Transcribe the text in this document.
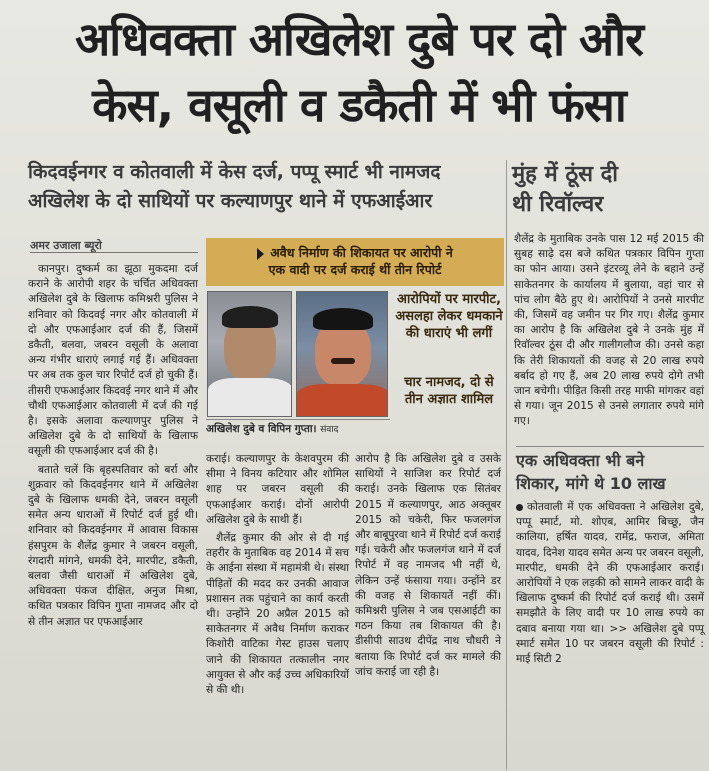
अधिवक्ता अखिलेश दुबे पर दो और
केस, वसूली व डकैती में भी फंसा
किदवईनगर व कोतवाली में केस दर्ज, पप्पू स्मार्ट भी नामजद
अखिलेश के दो साथियों पर कल्याणपुर थाने में एफआईआर
मुंह में ठूंस दी
थी रिवॉल्वर
अमर उजाला ब्यूरो

कानपुर। दुष्कर्म का झूठा मुकदमा दर्ज कराने के आरोपी शहर के चर्चित अधिवक्ता अखिलेश दुबे के खिलाफ कमिश्नरी पुलिस ने शनिवार को किदवई नगर और कोतवाली में दो और एफआईआर दर्ज की हैं, जिसमें डकैती, बलवा, जबरन वसूली के अलावा अन्य गंभीर धाराएं लगाई गई हैं। अधिवक्ता पर अब तक कुल चार रिपोर्ट दर्ज हो चुकी हैं। तीसरी एफआईआर किदवई नगर थाने में और चौथी एफआईआर कोतवाली में दर्ज की गई है। इसके अलावा कल्याणपुर पुलिस ने अखिलेश दुबे के दो साथियों के खिलाफ वसूली की एफआईआर दर्ज की है।

बताते चलें कि बृहस्पतिवार को बर्रा और शुक्रवार को किदवईनगर थाने में अखिलेश दुबे के खिलाफ धमकी देने, जबरन वसूली समेत अन्य धाराओं में रिपोर्ट दर्ज हुई थी। शनिवार को किदवईनगर में आवास विकास हंसपुरम के शैलेंद्र कुमार ने जबरन वसूली, रंगदारी मांगने, धमकी देने, मारपीट, डकैती, बलवा जैसी धाराओं में अखिलेश दुबे, अधिवक्ता पंकज दीक्षित, अनुज मिश्रा, कथित पत्रकार विपिन गुप्ता नामजद और दो से तीन अज्ञात पर एफआईआर

अवैध निर्माण की शिकायत पर आरोपी ने
एक वादी पर दर्ज कराई थीं तीन रिपोर्ट
अखिलेश दुबे व विपिन गुप्ता। संवाद
आरोपियों पर मारपीट, असलहा लेकर धमकाने की धाराएं भी लगीं
चार नामजद, दो से तीन अज्ञात शामिल

कराई। कल्याणपुर के केशवपुरम की सीमा ने विनय कटियार और शोमिल शाह पर जबरन वसूली की एफआईआर कराई। दोनों आरोपी अखिलेश दुबे के साथी हैं।

शैलेंद्र कुमार की ओर से दी गई तहरीर के मुताबिक वह 2014 में सच के आईना संस्था में महामंत्री थे। संस्था पीड़ितों की मदद कर उनकी आवाज प्रशासन तक पहुंचाने का कार्य करती थी। उन्होंने 20 अप्रैल 2015 को साकेतनगर में अवैध निर्माण कराकर किशोरी वाटिका गेस्ट हाउस चलाए जाने की शिकायत तत्कालीन नगर आयुक्त से और कई उच्च अधिकारियों से की थी।

आरोप है कि अखिलेश दुबे व उसके साथियों ने साजिश कर रिपोर्ट दर्ज कराई। उनके खिलाफ एक सितंबर 2015 में कल्याणपुर, आठ अक्तूबर 2015 को चकेरी, फिर फजलगंज और बाबूपुरवा थाने में रिपोर्ट दर्ज कराई गई। चकेरी और फजलगंज थाने में दर्ज रिपोर्ट में वह नामजद भी नहीं थे, लेकिन उन्हें फंसाया गया। उन्होंने डर की वजह से शिकायतें नहीं कीं। कमिश्नरी पुलिस ने जब एसआईटी का गठन किया तब शिकायत की है। डीसीपी साउथ दीपेंद्र नाथ चौधरी ने बताया कि रिपोर्ट दर्ज कर मामले की जांच कराई जा रही है।

शैलेंद्र के मुताबिक उनके पास 12 मई 2015 की सुबह साढ़े दस बजे कथित पत्रकार विपिन गुप्ता का फोन आया। उसने इंटरव्यू लेने के बहाने उन्हें साकेतनगर के कार्यालय में बुलाया, वहां चार से पांच लोग बैठे हुए थे। आरोपियों ने उनसे मारपीट की, जिसमें वह जमीन पर गिर गए। शैलेंद्र कुमार का आरोप है कि अखिलेश दुबे ने उनके मुंह में रिवॉल्वर ठूंस दी और गालीगलौज की। उनसे कहा कि तेरी शिकायतों की वजह से 20 लाख रुपये बर्बाद हो गए हैं, अब 20 लाख रुपये दोगे तभी जान बचेगी। पीड़ित किसी तरह माफी मांगकर वहां से गया। जून 2015 से उनसे लगातार रुपये मांगे गए।
एक अधिवक्ता भी बने
शिकार, मांगे थे 10 लाख
कोतवाली में एक अधिवक्ता ने अखिलेश दुबे, पप्पू स्मार्ट, मो. शोएब, आमिर बिच्छू, जैन कालिया, हर्षित यादव, रामेंद्र, फराज, अमिता यादव, दिनेश यादव समेत अन्य पर जबरन वसूली, मारपीट, धमकी देने की एफआईआर कराई। आरोपियों ने एक लड़की को सामने लाकर वादी के खिलाफ दुष्कर्म की रिपोर्ट दर्ज कराई थी। उसमें समझौते के लिए वादी पर 10 लाख रुपये का दबाव बनाया गया था। >> अखिलेश दुबे पप्पू स्मार्ट समेत 10 पर जबरन वसूली की रिपोर्ट : माई सिटी 2
